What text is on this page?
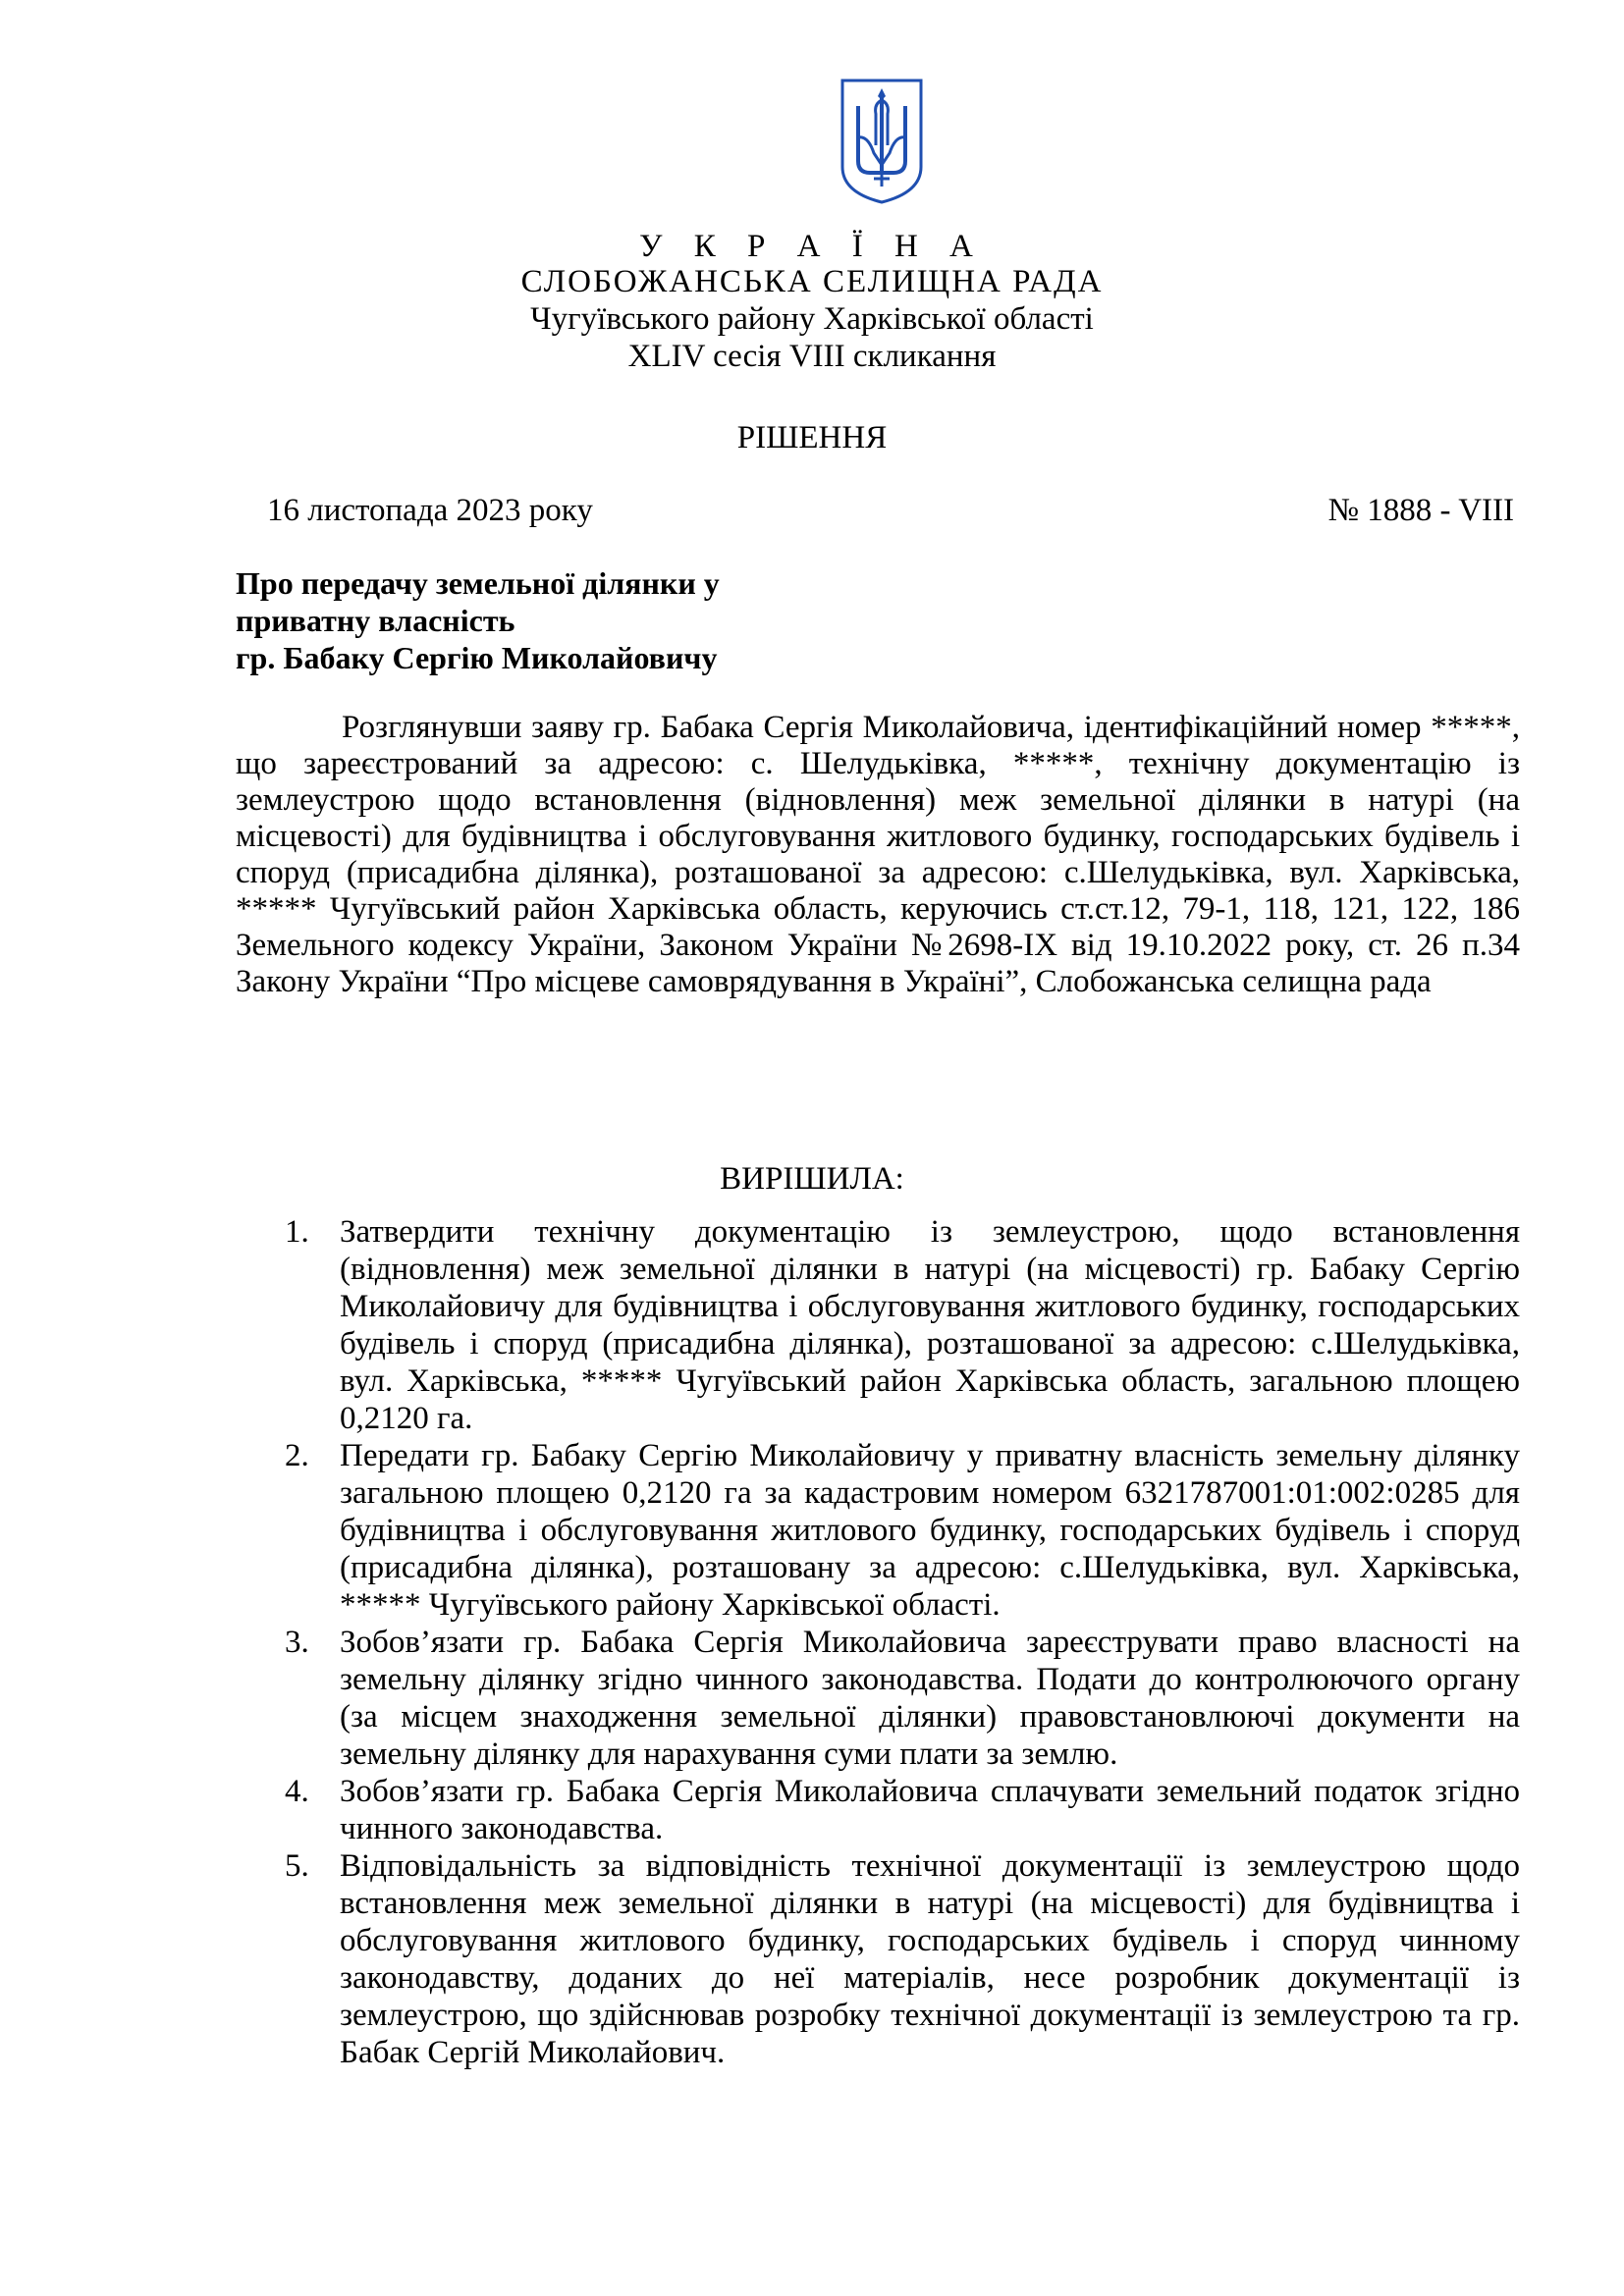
У К Р А Ї Н А
СЛОБОЖАНСЬКА СЕЛИЩНА РАДА
Чугуївського району Харківської області
XLIV сесія VIII скликання
РІШЕННЯ
16 листопада 2023 року	№ 1888 - VIII
Про передачу земельної ділянки у
приватну власність
гр. Бабаку Сергію Миколайовичу

Розглянувши заяву гр. Бабака Сергія Миколайовича, ідентифікаційний номер *****, що зареєстрований за адресою: с. Шелудьківка, *****, технічну документацію із землеустрою щодо встановлення (відновлення) меж земельної ділянки в натурі (на місцевості) для будівництва і обслуговування житлового будинку, господарських будівель і споруд (присадибна ділянка), розташованої за адресою: с.Шелудьківка, вул. Харківська, ***** Чугуївський район Харківська область, керуючись ст.ст.12, 79-1, 118, 121, 122, 186 Земельного кодексу України, Законом України №2698-ІХ від 19.10.2022 року, ст. 26 п.34 Закону України “Про місцеве самоврядування в Україні”, Слобожанська селищна рада

ВИРІШИЛА:
1. Затвердити технічну документацію із землеустрою, щодо встановлення (відновлення) меж земельної ділянки в натурі (на місцевості) гр. Бабаку Сергію Миколайовичу для будівництва і обслуговування житлового будинку, господарських будівель і споруд (присадибна ділянка), розташованої за адресою: с.Шелудьківка, вул. Харківська, ***** Чугуївський район Харківська область, загальною площею 0,2120 га.
2. Передати гр. Бабаку Сергію Миколайовичу у приватну власність земельну ділянку загальною площею 0,2120 га за кадастровим номером 6321787001:01:002:0285 для будівництва і обслуговування житлового будинку, господарських будівель і споруд (присадибна ділянка), розташовану за адресою: с.Шелудьківка, вул. Харківська, ***** Чугуївського району Харківської області.
3. Зобов’язати гр. Бабака Сергія Миколайовича зареєструвати право власності на земельну ділянку згідно чинного законодавства. Подати до контролюючого органу (за місцем знаходження земельної ділянки) правовстановлюючі документи на земельну ділянку для нарахування суми плати за землю.
4. Зобов’язати гр. Бабака Сергія Миколайовича сплачувати земельний податок згідно чинного законодавства.
5. Відповідальність за відповідність технічної документації із землеустрою щодо встановлення меж земельної ділянки в натурі (на місцевості) для будівництва і обслуговування житлового будинку, господарських будівель і споруд чинному законодавству, доданих до неї матеріалів, несе розробник документації із землеустрою, що здійснював розробку технічної документації із землеустрою та гр. Бабак Сергій Миколайович.
